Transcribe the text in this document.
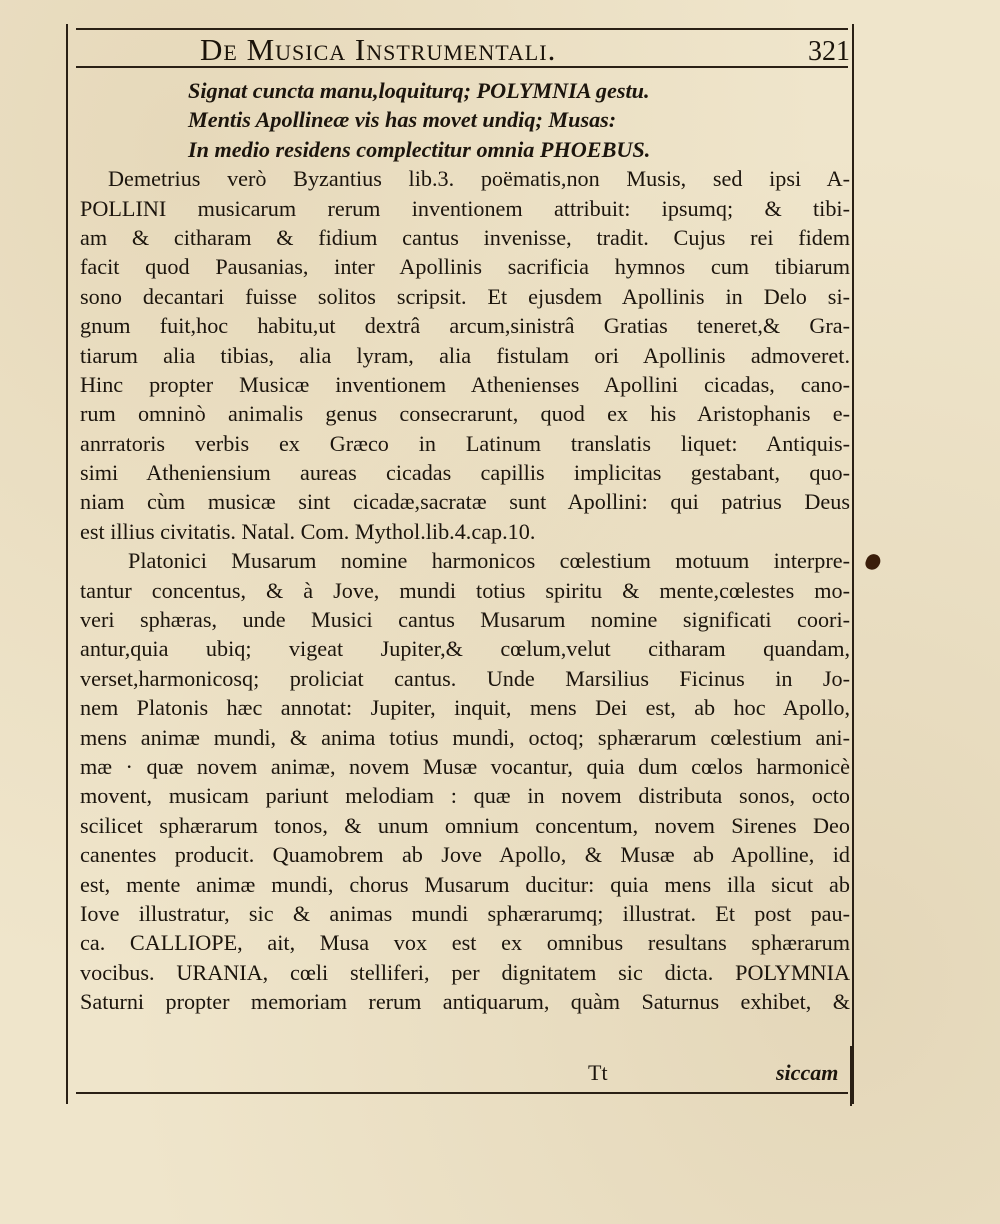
De Musica Instrumentali.	321
Signat cuncta manu,loquiturq; POLYMNIA gestu.
Mentis Apollineæ vis has movet undiq; Musas:
In medio residens complectitur omnia PHOEBUS.
Demetrius verò Byzantius lib.3. poëmatis,non Musis, sed ipsi A-
POLLINI musicarum rerum inventionem attribuit: ipsumq; & tibi-
am & citharam & fidium cantus invenisse, tradit. Cujus rei fidem
facit quod Pausanias, inter Apollinis sacrificia hymnos cum tibiarum
sono decantari fuisse solitos scripsit. Et ejusdem Apollinis in Delo si-
gnum fuit,hoc habitu,ut dextrâ arcum,sinistrâ Gratias teneret,& Gra-
tiarum alia tibias, alia lyram, alia fistulam ori Apollinis admoveret.
Hinc propter Musicæ inventionem Athenienses Apollini cicadas, cano-
rum omninò animalis genus consecrarunt, quod ex his Aristophanis e-
anrratoris verbis ex Græco in Latinum translatis liquet: Antiquis-
simi Atheniensium aureas cicadas capillis implicitas gestabant, quo-
niam cùm musicæ sint cicadæ,sacratæ sunt Apollini: qui patrius Deus
est illius civitatis. Natal. Com. Mythol.lib.4.cap.10.
Platonici Musarum nomine harmonicos cœlestium motuum interpre-
tantur concentus, & à Jove, mundi totius spiritu & mente,cœlestes mo-
veri sphæras, unde Musici cantus Musarum nomine significati coori-
antur,quia ubiq; vigeat Jupiter,& cœlum,velut citharam quandam,
verset,harmonicosq; proliciat cantus. Unde Marsilius Ficinus in Jo-
nem Platonis hæc annotat: Jupiter, inquit, mens Dei est, ab hoc Apollo,
mens animæ mundi, & anima totius mundi, octoq; sphærarum cœlestium ani-
mæ · quæ novem animæ, novem Musæ vocantur, quia dum cœlos harmonicè
movent, musicam pariunt melodiam : quæ in novem distributa sonos, octo
scilicet sphærarum tonos, & unum omnium concentum, novem Sirenes Deo
canentes producit. Quamobrem ab Jove Apollo, & Musæ ab Apolline, id
est, mente animæ mundi, chorus Musarum ducitur: quia mens illa sicut ab
Iove illustratur, sic & animas mundi sphærarumq; illustrat. Et post pau-
ca. CALLIOPE, ait, Musa vox est ex omnibus resultans sphærarum
vocibus. URANIA, cœli stelliferi, per dignitatem sic dicta. POLYMNIA
Saturni propter memoriam rerum antiquarum, quàm Saturnus exhibet, &
Tt	siccam
